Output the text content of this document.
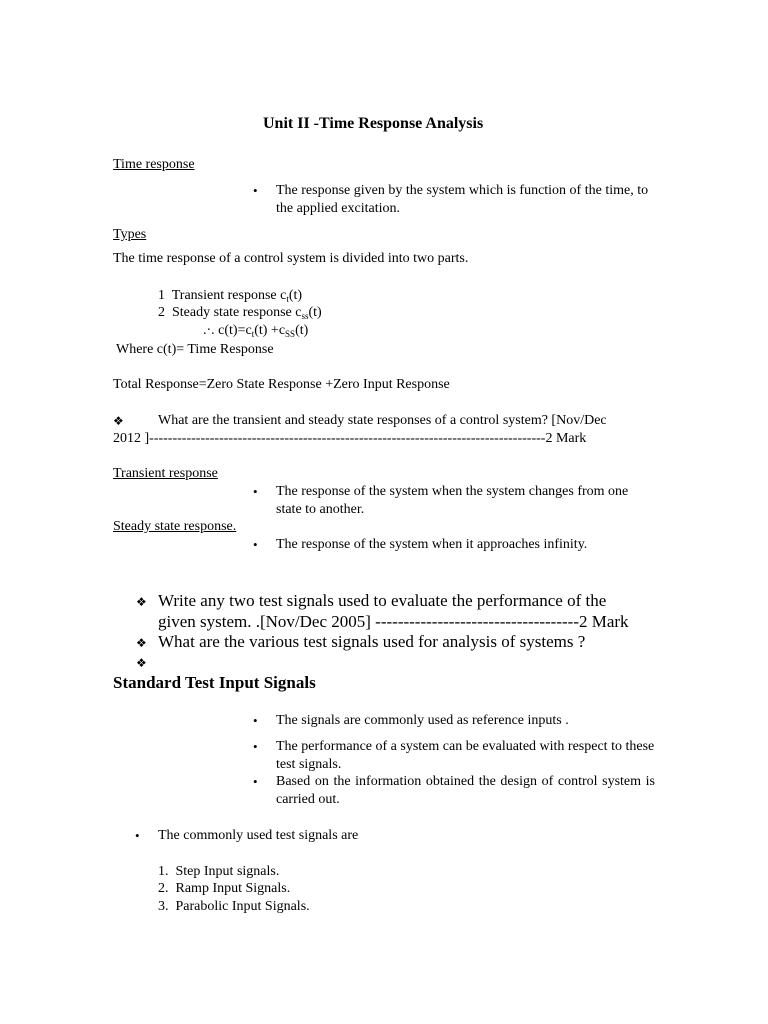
Unit II -Time Response Analysis
Time response
• The response given by the system which is function of the time, to the applied excitation.
Types
The time response of a control system is divided into two parts.
1 Transient response $c_t(t)$
2 Steady state response $c_{ss}(t)$
.·. $c(t)=c_t(t) +c_{SS}(t)$
Where c(t)= Time Response
Total Response=Zero State Response +Zero Input Response
❖ What are the transient and steady state responses of a control system? [Nov/Dec
2012 ]-------------------------------------------------------------------------------------2 Mark
Transient response
• The response of the system when the system changes from one state to another.
Steady state response.
• The response of the system when it approaches infinity.
❖ Write any two test signals used to evaluate the performance of the
given system. .[Nov/Dec 2005] ------------------------------------2 Mark
❖ What are the various test signals used for analysis of systems ?
❖
Standard Test Input Signals
• The signals are commonly used as reference inputs .
• The performance of a system can be evaluated with respect to these test signals.
• Based on the information obtained the design of control system is carried out.
• The commonly used test signals are
1. Step Input signals.
2. Ramp Input Signals.
3. Parabolic Input Signals.
